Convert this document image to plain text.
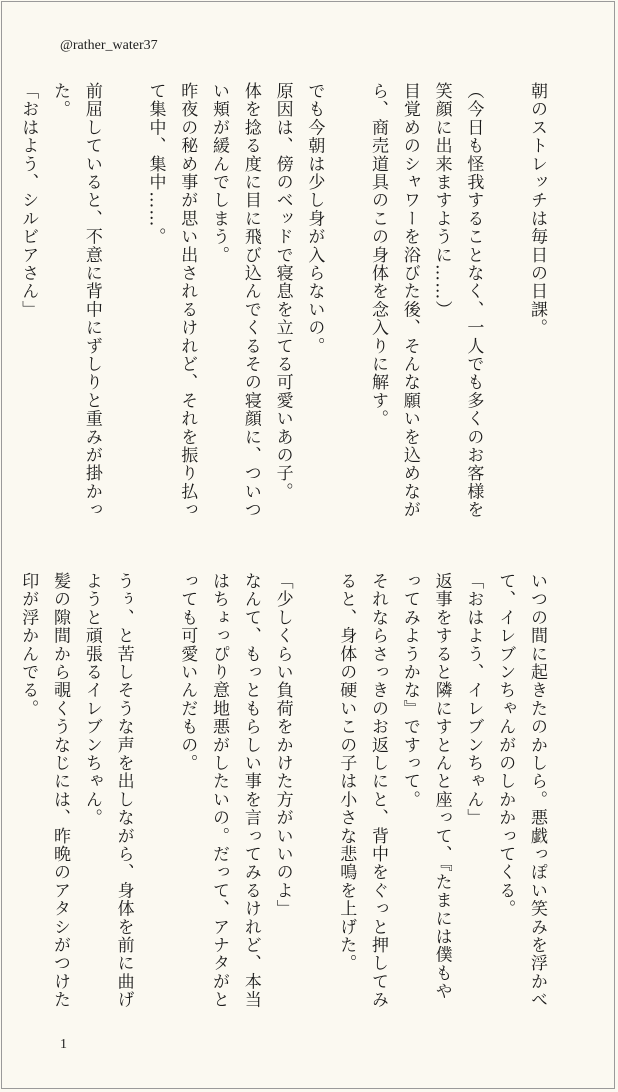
@rather_water37
朝のストレッチは毎日の日課。

（今日も怪我することなく、一人でも多くのお客様を
笑顔に出来ますように……）
目覚めのシャワーを浴びた後、そんな願いを込めなが
ら、商売道具のこの身体を念入りに解す。

でも今朝は少し身が入らないの。
原因は、傍のベッドで寝息を立てる可愛いあの子。
体を捻る度に目に飛び込んでくるその寝顔に、ついつ
い頬が緩んでしまう。
昨夜の秘め事が思い出されるけれど、それを振り払っ
て集中、集中……。

前屈していると、不意に背中にずしりと重みが掛かっ
た。
「おはよう、シルビアさん」
いつの間に起きたのかしら。悪戯っぽい笑みを浮かべ
て、イレブンちゃんがのしかかってくる。
「おはよう、イレブンちゃん」
返事をすると隣にすとんと座って、『たまには僕もや
ってみようかな』ですって。
それならさっきのお返しにと、背中をぐっと押してみ
ると、身体の硬いこの子は小さな悲鳴を上げた。

「少しくらい負荷をかけた方がいいのよ」
なんて、もっともらしい事を言ってみるけれど、本当
はちょっぴり意地悪がしたいの。だって、アナタがと
っても可愛いんだもの。

うぅ、と苦しそうな声を出しながら、身体を前に曲げ
ようと頑張るイレブンちゃん。
髪の隙間から覗くうなじには、昨晩のアタシがつけた
印が浮かんでる。
1
